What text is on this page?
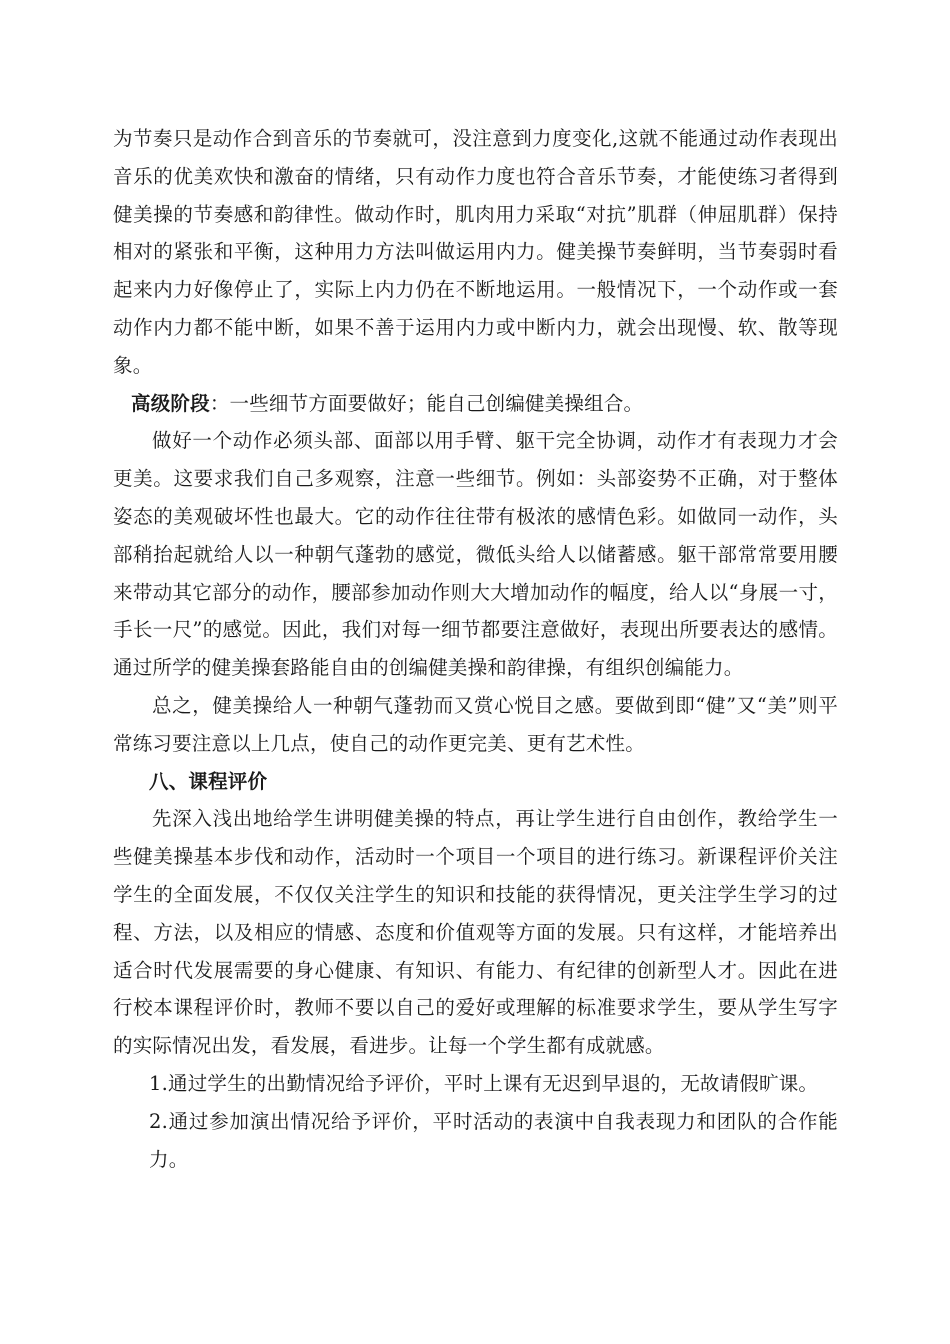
为节奏只是动作合到音乐的节奏就可，没注意到力度变化,这就不能通过动作表现出音乐的优美欢快和激奋的情绪，只有动作力度也符合音乐节奏，才能使练习者得到健美操的节奏感和韵律性。做动作时，肌肉用力采取“对抗”肌群（伸屈肌群）保持相对的紧张和平衡，这种用力方法叫做运用内力。健美操节奏鲜明，当节奏弱时看起来内力好像停止了，实际上内力仍在不断地运用。一般情况下，一个动作或一套动作内力都不能中断，如果不善于运用内力或中断内力，就会出现慢、软、散等现象。

高级阶段：一些细节方面要做好；能自己创编健美操组合。

做好一个动作必须头部、面部以用手臂、躯干完全协调，动作才有表现力才会更美。这要求我们自己多观察，注意一些细节。例如：头部姿势不正确，对于整体姿态的美观破坏性也最大。它的动作往往带有极浓的感情色彩。如做同一动作，头部稍抬起就给人以一种朝气蓬勃的感觉，微低头给人以储蓄感。躯干部常常要用腰来带动其它部分的动作，腰部参加动作则大大增加动作的幅度，给人以“身展一寸，手长一尺”的感觉。因此，我们对每一细节都要注意做好，表现出所要表达的感情。通过所学的健美操套路能自由的创编健美操和韵律操，有组织创编能力。

总之，健美操给人一种朝气蓬勃而又赏心悦目之感。要做到即“健”又“美”则平常练习要注意以上几点，使自己的动作更完美、更有艺术性。

八、课程评价

先深入浅出地给学生讲明健美操的特点，再让学生进行自由创作，教给学生一些健美操基本步伐和动作，活动时一个项目一个项目的进行练习。新课程评价关注学生的全面发展，不仅仅关注学生的知识和技能的获得情况，更关注学生学习的过程、方法，以及相应的情感、态度和价值观等方面的发展。只有这样，才能培养出适合时代发展需要的身心健康、有知识、有能力、有纪律的创新型人才。因此在进行校本课程评价时，教师不要以自己的爱好或理解的标准要求学生，要从学生写字的实际情况出发，看发展，看进步。让每一个学生都有成就感。

1.通过学生的出勤情况给予评价，平时上课有无迟到早退的，无故请假旷课。

2.通过参加演出情况给予评价，平时活动的表演中自我表现力和团队的合作能力。
